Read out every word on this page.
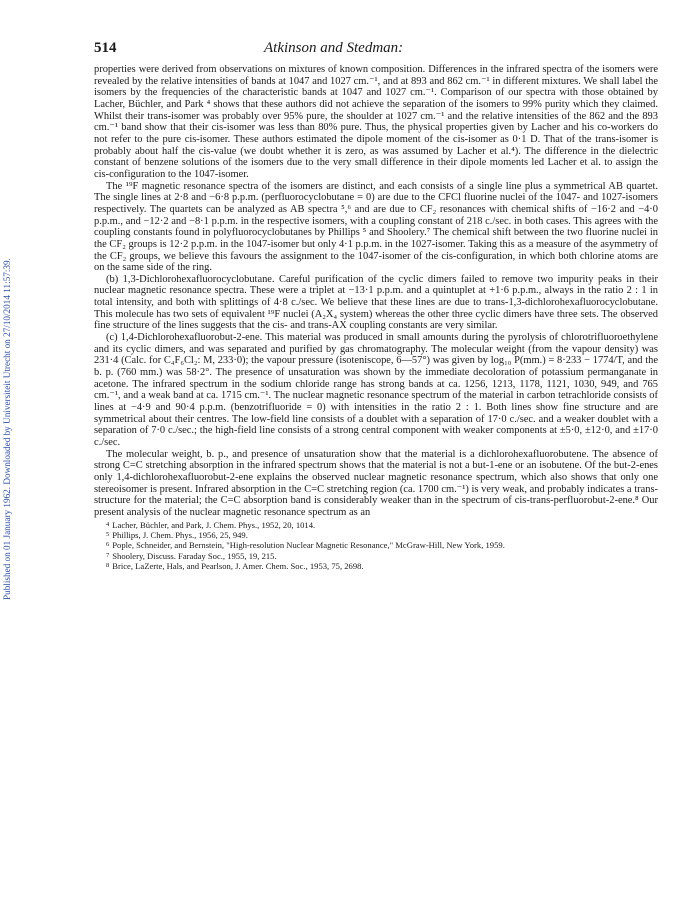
Published on 01 January 1962. Downloaded by Universiteit Utrecht on 27/10/2014 11:57:39.
514	Atkinson and Stedman:

properties were derived from observations on mixtures of known composition. Differences in the infrared spectra of the isomers were revealed by the relative intensities of bands at 1047 and 1027 cm.⁻¹, and at 893 and 862 cm.⁻¹ in different mixtures. We shall label the isomers by the frequencies of the characteristic bands at 1047 and 1027 cm.⁻¹. Comparison of our spectra with those obtained by Lacher, Büchler, and Park ⁴ shows that these authors did not achieve the separation of the isomers to 99% purity which they claimed. Whilst their trans-isomer was probably over 95% pure, the shoulder at 1027 cm.⁻¹ and the relative intensities of the 862 and the 893 cm.⁻¹ band show that their cis-isomer was less than 80% pure. Thus, the physical properties given by Lacher and his co-workers do not refer to the pure cis-isomer. These authors estimated the dipole moment of the cis-isomer as 0·1 D. That of the trans-isomer is probably about half the cis-value (we doubt whether it is zero, as was assumed by Lacher et al.⁴). The difference in the dielectric constant of benzene solutions of the isomers due to the very small difference in their dipole moments led Lacher et al. to assign the cis-configuration to the 1047-isomer.

The ¹⁹F magnetic resonance spectra of the isomers are distinct, and each consists of a single line plus a symmetrical AB quartet. The single lines at 2·8 and −6·8 p.p.m. (perfluorocyclobutane = 0) are due to the CFCl fluorine nuclei of the 1047- and 1027-isomers respectively. The quartets can be analyzed as AB spectra ⁵,⁶ and are due to CF₂ resonances with chemical shifts of −16·2 and −4·0 p.p.m., and −12·2 and −8·1 p.p.m. in the respective isomers, with a coupling constant of 218 c./sec. in both cases. This agrees with the coupling constants found in polyfluorocyclobutanes by Phillips ⁵ and Shoolery.⁷ The chemical shift between the two fluorine nuclei in the CF₂ groups is 12·2 p.p.m. in the 1047-isomer but only 4·1 p.p.m. in the 1027-isomer. Taking this as a measure of the asymmetry of the CF₂ groups, we believe this favours the assignment to the 1047-isomer of the cis-configuration, in which both chlorine atoms are on the same side of the ring.

(b) 1,3-Dichlorohexafluorocyclobutane. Careful purification of the cyclic dimers failed to remove two impurity peaks in their nuclear magnetic resonance spectra. These were a triplet at −13·1 p.p.m. and a quintuplet at +1·6 p.p.m., always in the ratio 2 : 1 in total intensity, and both with splittings of 4·8 c./sec. We believe that these lines are due to trans-1,3-dichlorohexafluorocyclobutane. This molecule has two sets of equivalent ¹⁹F nuclei (A₂X₄ system) whereas the other three cyclic dimers have three sets. The observed fine structure of the lines suggests that the cis- and trans-AX coupling constants are very similar.

(c) 1,4-Dichlorohexafluorobut-2-ene. This material was produced in small amounts during the pyrolysis of chlorotrifluoroethylene and its cyclic dimers, and was separated and purified by gas chromatography. The molecular weight (from the vapour density) was 231·4 (Calc. for C₄F₆Cl₂: M, 233·0); the vapour pressure (isoteniscope, 6—57°) was given by log₁₀ P(mm.) = 8·233 − 1774/T, and the b. p. (760 mm.) was 58·2°. The presence of unsaturation was shown by the immediate decoloration of potassium permanganate in acetone. The infrared spectrum in the sodium chloride range has strong bands at ca. 1256, 1213, 1178, 1121, 1030, 949, and 765 cm.⁻¹, and a weak band at ca. 1715 cm.⁻¹. The nuclear magnetic resonance spectrum of the material in carbon tetrachloride consists of lines at −4·9 and 90·4 p.p.m. (benzotrifluoride = 0) with intensities in the ratio 2 : 1. Both lines show fine structure and are symmetrical about their centres. The low-field line consists of a doublet with a separation of 17·0 c./sec. and a weaker doublet with a separation of 7·0 c./sec.; the high-field line consists of a strong central component with weaker components at ±5·0, ±12·0, and ±17·0 c./sec.

The molecular weight, b. p., and presence of unsaturation show that the material is a dichlorohexafluorobutene. The absence of strong C=C stretching absorption in the infrared spectrum shows that the material is not a but-1-ene or an isobutene. Of the but-2-enes only 1,4-dichlorohexafluorobut-2-ene explains the observed nuclear magnetic resonance spectrum, which also shows that only one stereoisomer is present. Infrared absorption in the C=C stretching region (ca. 1700 cm.⁻¹) is very weak, and probably indicates a trans-structure for the material; the C=C absorption band is considerably weaker than in the spectrum of cis-trans-perfluorobut-2-ene.⁸ Our present analysis of the nuclear magnetic resonance spectrum as an

$^4$ Lacher, Büchler, and Park, J. Chem. Phys., 1952, 20, 1014.

$^5$ Phillips, J. Chem. Phys., 1956, 25, 949.

$^6$ Pople, Schneider, and Bernstein, "High-resolution Nuclear Magnetic Resonance," McGraw-Hill, New York, 1959.

$^7$ Shoolery, Discuss. Faraday Soc., 1955, 19, 215.

$^8$ Brice, LaZerte, Hals, and Pearlson, J. Amer. Chem. Soc., 1953, 75, 2698.
